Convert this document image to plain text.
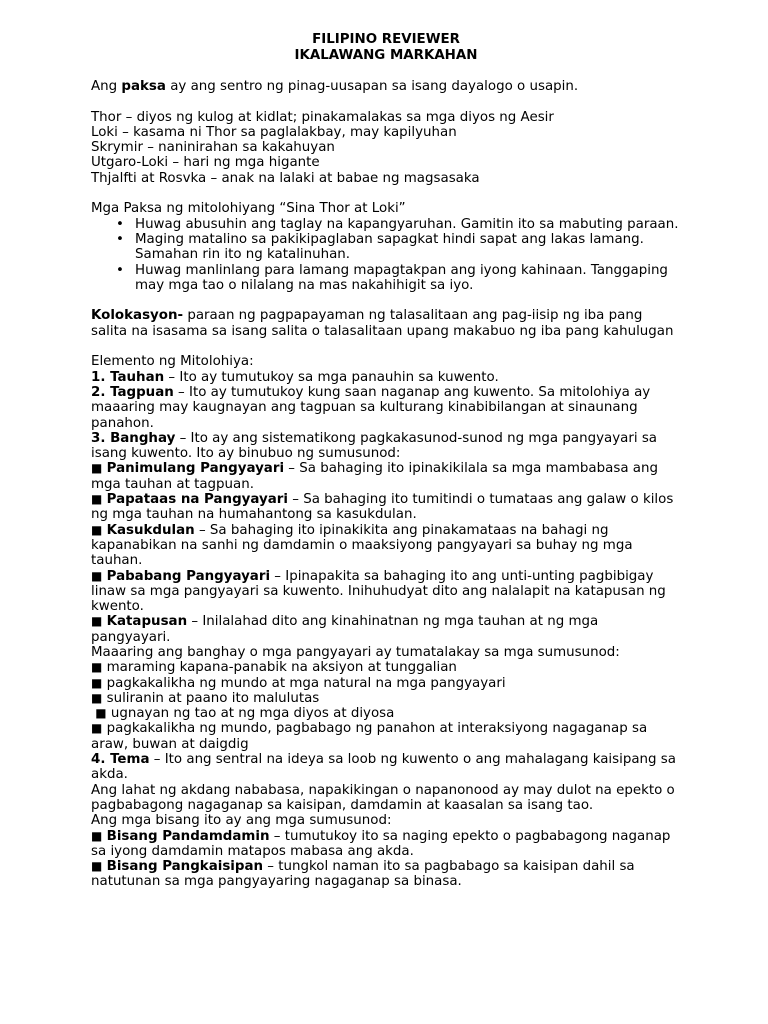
FILIPINO REVIEWER
IKALAWANG MARKAHAN

Ang paksa ay ang sentro ng pinag-uusapan sa isang dayalogo o usapin.

Thor – diyos ng kulog at kidlat; pinakamalakas sa mga diyos ng Aesir

Loki – kasama ni Thor sa paglalakbay, may kapilyuhan

Skrymir – naninirahan sa kakahuyan

Utgaro-Loki – hari ng mga higante

Thjalfti at Rosvka – anak na lalaki at babae ng magsasaka

Mga Paksa ng mitolohiyang “Sina Thor at Loki”

• Huwag abusuhin ang taglay na kapangyaruhan. Gamitin ito sa mabuting paraan.
• Maging matalino sa pakikipaglaban sapagkat hindi sapat ang lakas lamang. Samahan rin ito ng katalinuhan.
• Huwag manlinlang para lamang mapagtakpan ang iyong kahinaan. Tanggaping may mga tao o nilalang na mas nakahihigit sa iyo.

Kolokasyon- paraan ng pagpapayaman ng talasalitaan ang pag-iisip ng iba pang salita na isasama sa isang salita o talasalitaan upang makabuo ng iba pang kahulugan

Elemento ng Mitolohiya:

1. Tauhan – Ito ay tumutukoy sa mga panauhin sa kuwento.

2. Tagpuan – Ito ay tumutukoy kung saan naganap ang kuwento. Sa mitolohiya ay maaaring may kaugnayan ang tagpuan sa kulturang kinabibilangan at sinaunang panahon.

3. Banghay – Ito ay ang sistematikong pagkakasunod-sunod ng mga pangyayari sa isang kuwento. Ito ay binubuo ng sumusunod:

■ Panimulang Pangyayari – Sa bahaging ito ipinakikilala sa mga mambabasa ang mga tauhan at tagpuan.

■ Papataas na Pangyayari – Sa bahaging ito tumitindi o tumataas ang galaw o kilos ng mga tauhan na humahantong sa kasukdulan.

■ Kasukdulan – Sa bahaging ito ipinakikita ang pinakamataas na bahagi ng kapanabikan na sanhi ng damdamin o maaksiyong pangyayari sa buhay ng mga tauhan.

■ Pababang Pangyayari – Ipinapakita sa bahaging ito ang unti-unting pagbibigay linaw sa mga pangyayari sa kuwento. Inihuhudyat dito ang nalalapit na katapusan ng kwento.

■ Katapusan – Inilalahad dito ang kinahinatnan ng mga tauhan at ng mga pangyayari.

Maaaring ang banghay o mga pangyayari ay tumatalakay sa mga sumusunod:

■ maraming kapana-panabik na aksiyon at tunggalian

■ pagkakalikha ng mundo at mga natural na mga pangyayari

■ suliranin at paano ito malulutas

■ ugnayan ng tao at ng mga diyos at diyosa

■ pagkakalikha ng mundo, pagbabago ng panahon at interaksiyong nagaganap sa araw, buwan at daigdig

4. Tema – Ito ang sentral na ideya sa loob ng kuwento o ang mahalagang kaisipang sa akda.

Ang lahat ng akdang nababasa, napakikingan o napanonood ay may dulot na epekto o pagbabagong nagaganap sa kaisipan, damdamin at kaasalan sa isang tao.

Ang mga bisang ito ay ang mga sumusunod:

■ Bisang Pandamdamin – tumutukoy ito sa naging epekto o pagbabagong naganap sa iyong damdamin matapos mabasa ang akda.

■ Bisang Pangkaisipan – tungkol naman ito sa pagbabago sa kaisipan dahil sa natutunan sa mga pangyayaring nagaganap sa binasa.
